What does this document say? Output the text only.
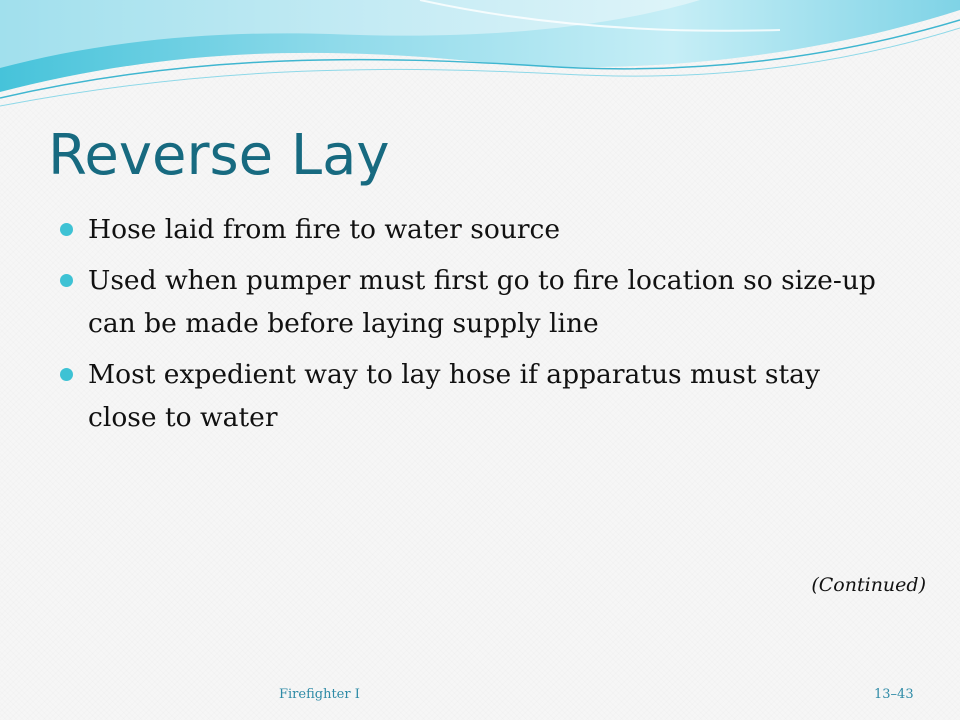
Reverse Lay
Hose laid from fire to water source
Used when pumper must first go to fire location so size-up can be made before laying supply line
Most expedient way to lay hose if apparatus must stay close to water
(Continued)
Firefighter I	13–43
